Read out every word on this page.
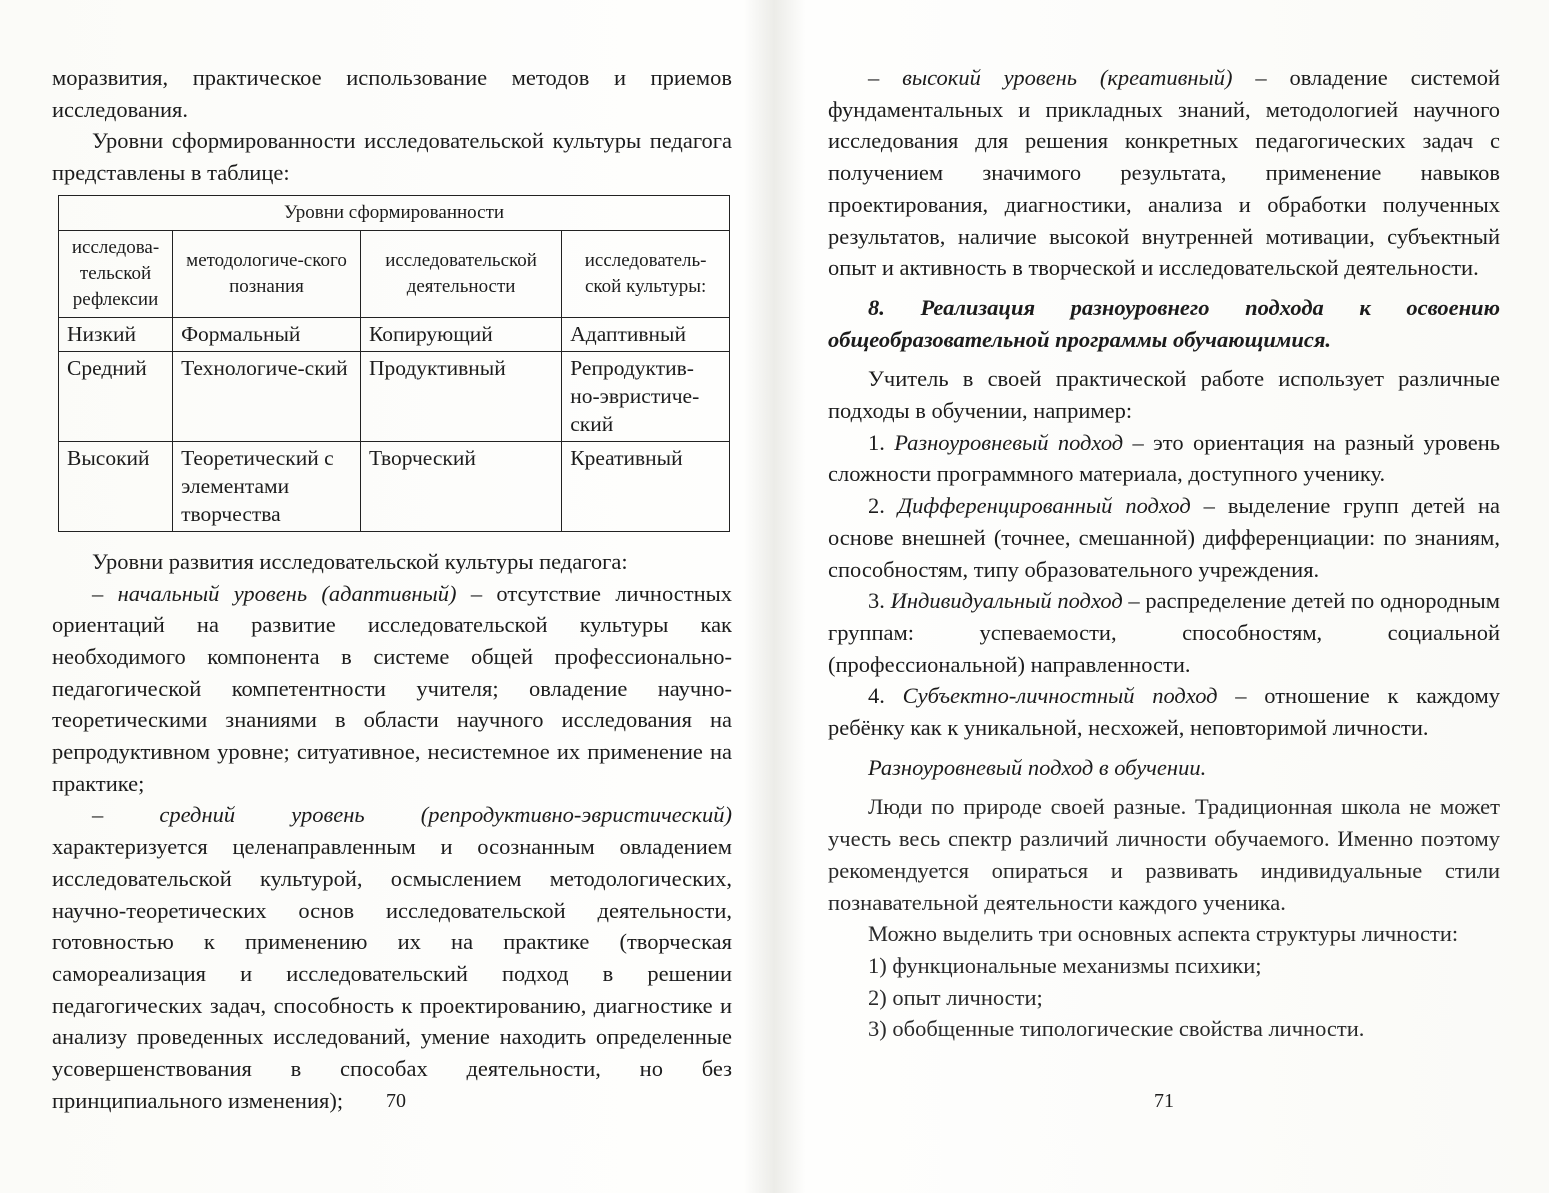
моразвития, практическое использование методов и приемов исследования.

Уровни сформированности исследовательской культуры педагога представлены в таблице:

Уровни сформированности			
исследова-тельской рефлексии	методологиче-ского познания	исследовательской деятельности	исследователь-ской культуры:
Низкий	Формальный	Копирующий	Адаптивный
Средний	Технологиче-ский	Продуктивный	Репродуктив-но-эвристиче-ский
Высокий	Теоретический с элементами творчества	Творческий	Креативный

Уровни развития исследовательской культуры педагога:

– начальный уровень (адаптивный) – отсутствие личностных ориентаций на развитие исследовательской культуры как необходимого компонента в системе общей профессионально-педагогической компетентности учителя; овладение научно-теоретическими знаниями в области научного исследования на репродуктивном уровне; ситуативное, несистемное их применение на практике;

– средний уровень (репродуктивно-эвристический) характеризуется целенаправленным и осознанным овладением исследовательской культурой, осмыслением методологических, научно-теоретических основ исследовательской деятельности, готовностью к применению их на практике (творческая самореализация и исследовательский подход в решении педагогических задач, способность к проектированию, диагностике и анализу проведенных исследований, умение находить определенные усовершенствования в способах деятельности, но без принципиального изменения);	70

– высокий уровень (креативный) – овладение системой фундаментальных и прикладных знаний, методологией научного исследования для решения конкретных педагогических задач с получением значимого результата, применение навыков проектирования, диагностики, анализа и обработки полученных результатов, наличие высокой внутренней мотивации, субъектный опыт и активность в творческой и исследовательской деятельности.

8. Реализация разноуровнего подхода к освоению общеобразовательной программы обучающимися.

Учитель в своей практической работе использует различные подходы в обучении, например:

1. Разноуровневый подход – это ориентация на разный уровень сложности программного материала, доступного ученику.

2. Дифференцированный подход – выделение групп детей на основе внешней (точнее, смешанной) дифференциации: по знаниям, способностям, типу образовательного учреждения.

3. Индивидуальный подход – распределение детей по однородным группам: успеваемости, способностям, социальной (профессиональной) направленности.

4. Субъектно-личностный подход – отношение к каждому ребёнку как к уникальной, несхожей, неповторимой личности.

Разноуровневый подход в обучении.

Люди по природе своей разные. Традиционная школа не может учесть весь спектр различий личности обучаемого. Именно поэтому рекомендуется опираться и развивать индивидуальные стили познавательной деятельности каждого ученика.

Можно выделить три основных аспекта структуры личности:

1) функциональные механизмы психики;

2) опыт личности;

3) обобщенные типологические свойства личности.

71
